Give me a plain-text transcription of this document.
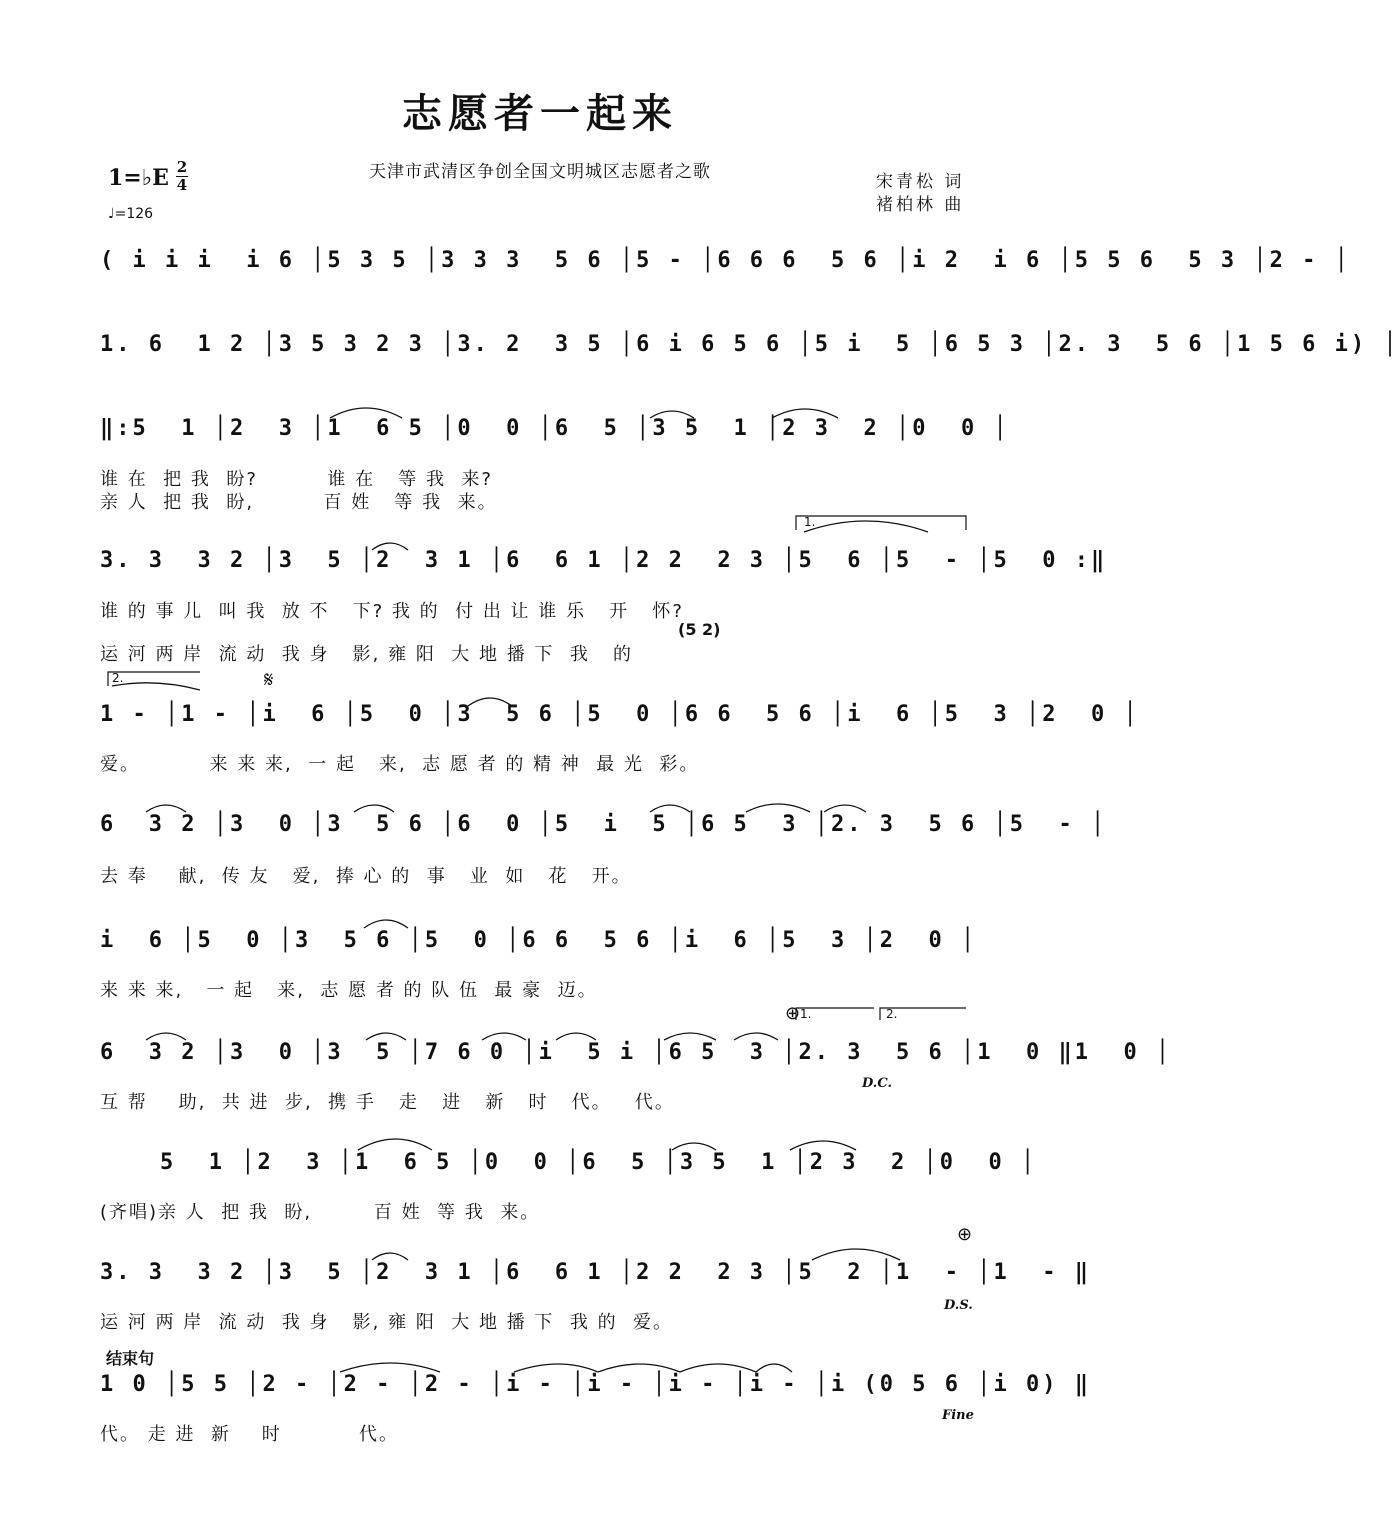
志愿者一起来
天津市武清区争创全国文明城区志愿者之歌	宋青松 词
褚柏林 曲
1=♭E 2
4
♩=126
( i i i  i 6 │5 3 5 │3 3 3  5 6 │5 - │6 6 6  5 6 │i 2  i 6 │5 5 6  5 3 │2 - │
1. 6  1 2 │3 5 3 2 3 │3. 2  3 5 │6 i 6 5 6 │5 i  5 │6 5 3 │2. 3  5 6 │1 5 6 i) │
‖:5  1 │2  3 │1  6 5 │0  0 │6  5 │3 5  1 │2 3  2 │0  0 │
谁 在  把 我  盼?         谁 在   等 我  来?
亲 人  把 我  盼,         百 姓   等 我  来。
3. 3  3 2 │3  5 │2  3 1 │6  6 1 │2 2  2 3 │5  6 │5  - │5  0 :‖
谁 的 事 儿  叫 我  放 不   下? 我 的  付 出 让 谁 乐   开   怀?
运 河 两 岸  流 动  我 身   影, 雍 阳  大 地 播 下  我   的
(5 2)
1 - │1 - │i  6 │5  0 │3  5 6 │5  0 │6 6  5 6 │i  6 │5  3 │2  0 │
爱。         来 来 来,  一 起   来,  志 愿 者 的 精 神  最 光  彩。
6  3 2 │3  0 │3  5 6 │6  0 │5  i  5 │6 5  3 │2. 3  5 6 │5  - │
去 奉    献,  传 友   爱,  捧 心 的  事   业  如   花   开。
i  6 │5  0 │3  5 6 │5  0 │6 6  5 6 │i  6 │5  3 │2  0 │
来 来 来,   一 起   来,  志 愿 者 的 队 伍  最 豪  迈。
6  3 2 │3  0 │3  5 │7 6 0 │i  5 i │6 5  3 │2. 3  5 6 │1  0 ‖1  0 │
互 帮    助,  共 进  步,  携 手   走   进   新   时   代。   代。
5  1 │2  3 │1  6 5 │0  0 │6  5 │3 5  1 │2 3  2 │0  0 │
(齐唱)亲 人  把 我  盼,        百 姓  等 我  来。
3. 3  3 2 │3  5 │2  3 1 │6  6 1 │2 2  2 3 │5  2 │1  - │1  - ‖
运 河 两 岸  流 动  我 身   影, 雍 阳  大 地 播 下  我 的  爱。
结束句
1 0 │5 5 │2 - │2 - │2 - │i - │i - │i - │i - │i (0 5 6 │i 0) ‖
代。 走 进  新    时          代。
1.
2.
1.	2.
𝄋
⊕
⊕
D.C.
D.S.
Fine
